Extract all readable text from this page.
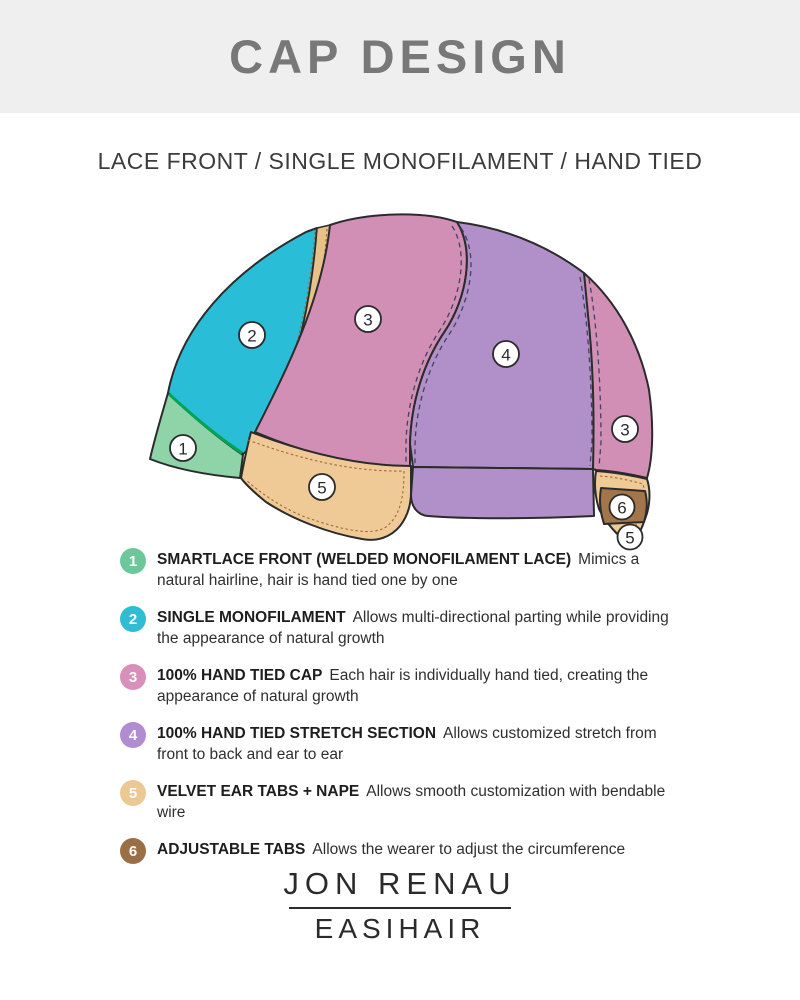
CAP DESIGN
LACE FRONT / SINGLE MONOFILAMENT / HAND TIED
1
2
3
4
5
3
6
5
1	SMARTLACE FRONT (WELDED MONOFILAMENT LACE) Mimics a natural hairline, hair is hand tied one by one
2	SINGLE MONOFILAMENT Allows multi-directional parting while providing the appearance of natural growth
3	100% HAND TIED CAP Each hair is individually hand tied, creating the appearance of natural growth
4	100% HAND TIED STRETCH SECTION Allows customized stretch from front to back and ear to ear
5	VELVET EAR TABS + NAPE Allows smooth customization with bendable wire
6	ADJUSTABLE TABS Allows the wearer to adjust the circumference
JON RENAU
EASIHAIR
